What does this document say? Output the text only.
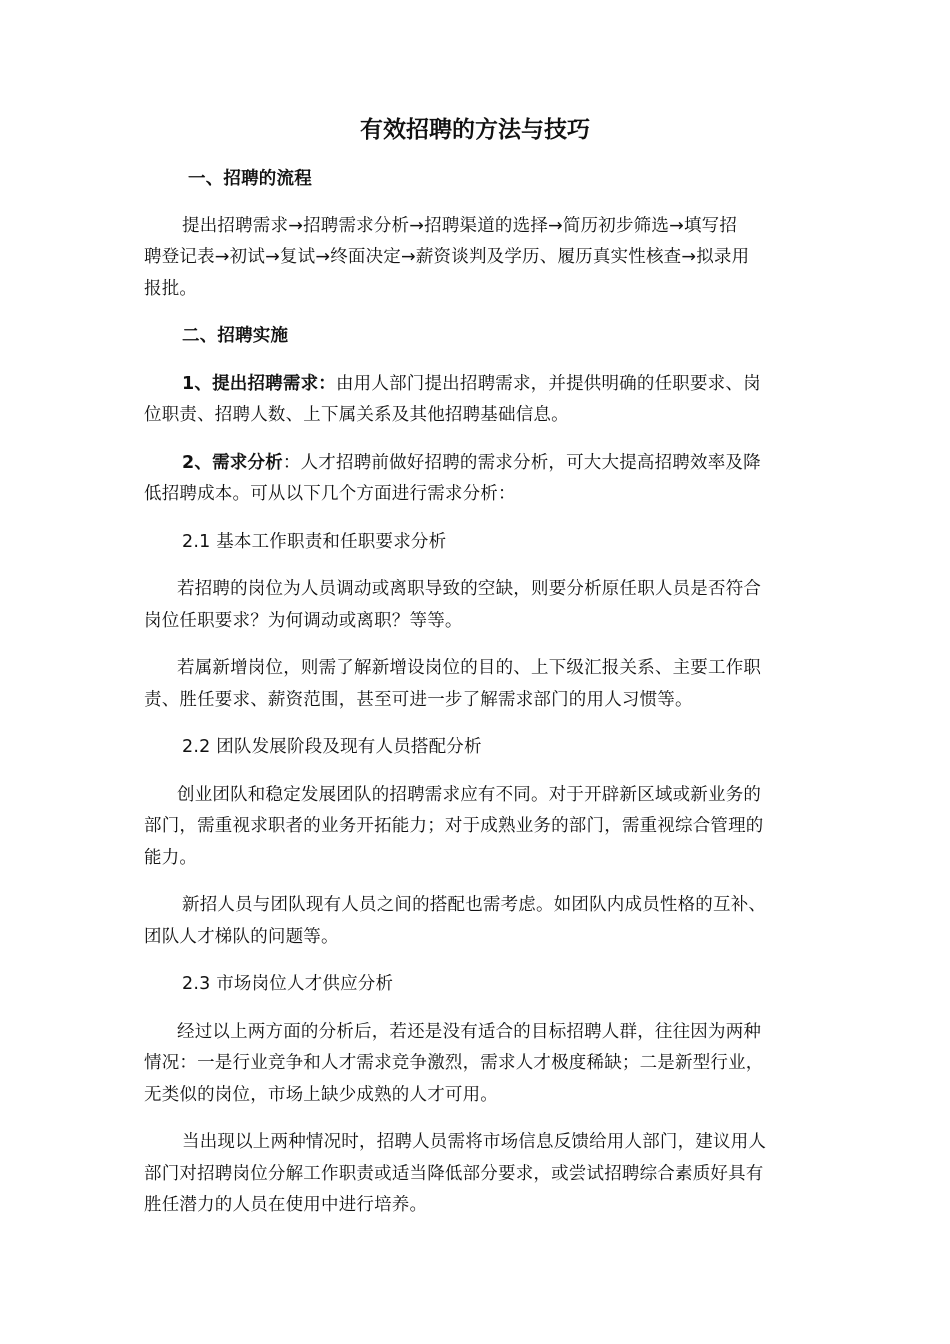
有效招聘的方法与技巧
一、招聘的流程
提出招聘需求→招聘需求分析→招聘渠道的选择→简历初步筛选→填写招
聘登记表→初试→复试→终面决定→薪资谈判及学历、履历真实性核查→拟录用
报批。
二、招聘实施
1、提出招聘需求：由用人部门提出招聘需求，并提供明确的任职要求、岗
位职责、招聘人数、上下属关系及其他招聘基础信息。
2、需求分析：人才招聘前做好招聘的需求分析，可大大提高招聘效率及降
低招聘成本。可从以下几个方面进行需求分析：
2.1 基本工作职责和任职要求分析
若招聘的岗位为人员调动或离职导致的空缺，则要分析原任职人员是否符合
岗位任职要求？为何调动或离职？等等。
若属新增岗位，则需了解新增设岗位的目的、上下级汇报关系、主要工作职
责、胜任要求、薪资范围，甚至可进一步了解需求部门的用人习惯等。
2.2 团队发展阶段及现有人员搭配分析
创业团队和稳定发展团队的招聘需求应有不同。对于开辟新区域或新业务的
部门，需重视求职者的业务开拓能力；对于成熟业务的部门，需重视综合管理的
能力。
新招人员与团队现有人员之间的搭配也需考虑。如团队内成员性格的互补、
团队人才梯队的问题等。
2.3 市场岗位人才供应分析
经过以上两方面的分析后，若还是没有适合的目标招聘人群，往往因为两种
情况：一是行业竞争和人才需求竞争激烈，需求人才极度稀缺；二是新型行业，
无类似的岗位，市场上缺少成熟的人才可用。
当出现以上两种情况时，招聘人员需将市场信息反馈给用人部门，建议用人
部门对招聘岗位分解工作职责或适当降低部分要求，或尝试招聘综合素质好具有
胜任潜力的人员在使用中进行培养。
